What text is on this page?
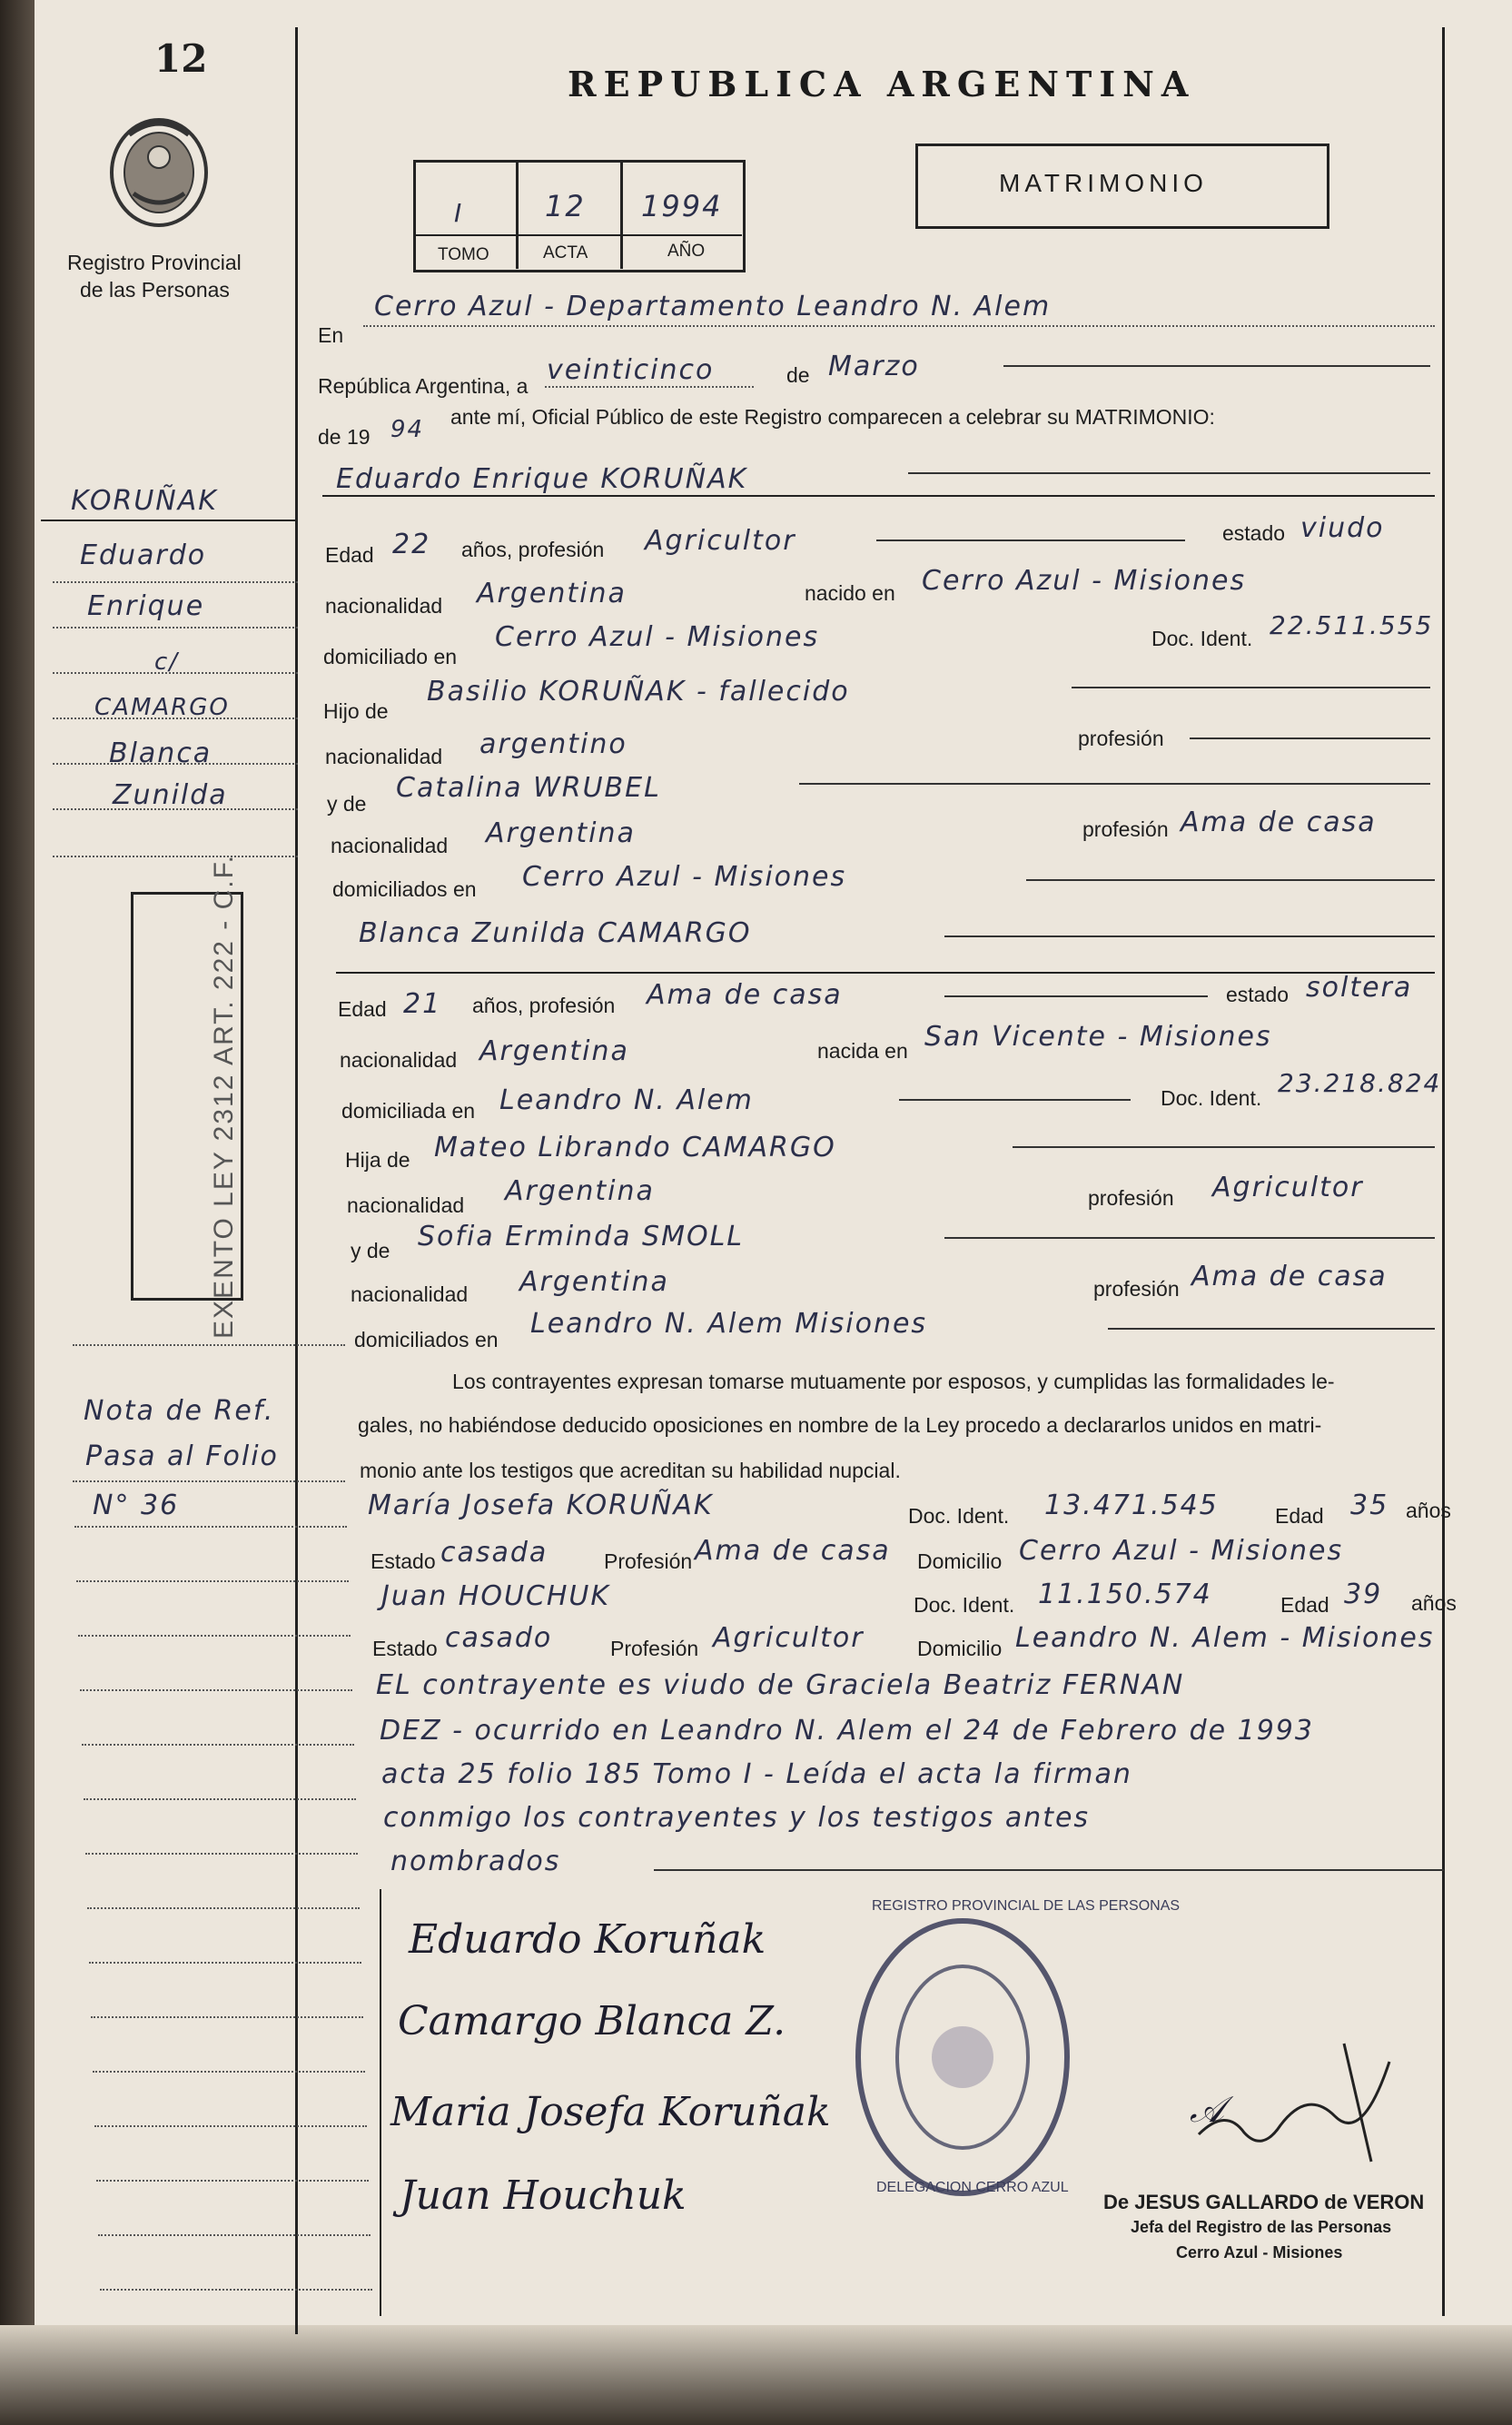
12
Registro Provincial
de las Personas
REPUBLICA ARGENTINA
MATRIMONIO
I	12 1994
TOMO	ACTA	AÑO
En
Cerro Azul - Departamento Leandro N. Alem
República Argentina, a veinticinco	de Marzo
de 19 94 ante mí, Oficial Público de este Registro comparecen a celebrar su MATRIMONIO:
Eduardo Enrique KORUÑAK
Edad 22 años, profesión Agricultor	estado viudo
nacionalidad Argentina	nacido en Cerro Azul - Misiones
domiciliado en
Cerro Azul - Misiones	Doc. Ident. 22.511.555
Hijo de
Basilio KORUÑAK - fallecido
nacionalidad argentino	profesión
y de Catalina WRUBEL
nacionalidad Argentina	profesión Ama de casa
domiciliados en Cerro Azul - Misiones
Blanca Zunilda CAMARGO
Edad 21 años, profesión Ama de casa	estado soltera
nacionalidad Argentina	nacida en San Vicente - Misiones
domiciliada en Leandro N. Alem	Doc. Ident. 23.218.824
Hija de Mateo Librando CAMARGO
nacionalidad Argentina	profesión Agricultor
y de Sofia Erminda SMOLL
nacionalidad Argentina	profesión Ama de casa
domiciliados en Leandro N. Alem Misiones
Los contrayentes expresan tomarse mutuamente por esposos, y cumplidas las formalidades le-
gales, no habiéndose deducido oposiciones en nombre de la Ley procedo a declararlos unidos en matri-
monio ante los testigos que acreditan su habilidad nupcial.
María Josefa KORUÑAK	Doc. Ident. 13.471.545	Edad 35 años
Estado casada	Profesión Ama de casa Domicilio Cerro Azul - Misiones
Juan HOUCHUK	Doc. Ident. 11.150.574	Edad 39 años
Estado casado	Profesión Agricultor	Domicilio Leandro N. Alem - Misiones
EL contrayente es viudo de Graciela Beatriz FERNAN
DEZ - ocurrido en Leandro N. Alem el 24 de Febrero de 1993
acta 25 folio 185 Tomo I - Leída el acta la firman
conmigo los contrayentes y los testigos antes
nombrados
Eduardo Koruñak
Camargo Blanca Z.
Maria Josefa Koruñak
Juan Houchuk
REGISTRO PROVINCIAL DE LAS PERSONAS
DELEGACION CERRO AZUL
𝒜
De JESUS GALLARDO de VERON
Jefa del Registro de las Personas
Cerro Azul - Misiones
KORUÑAK
Eduardo
Enrique
c/
CAMARGO
Blanca
Zunilda
EXENTO LEY 2312 ART. 222 - C.F.
Nota de Ref.
Pasa al Folio
N° 36
